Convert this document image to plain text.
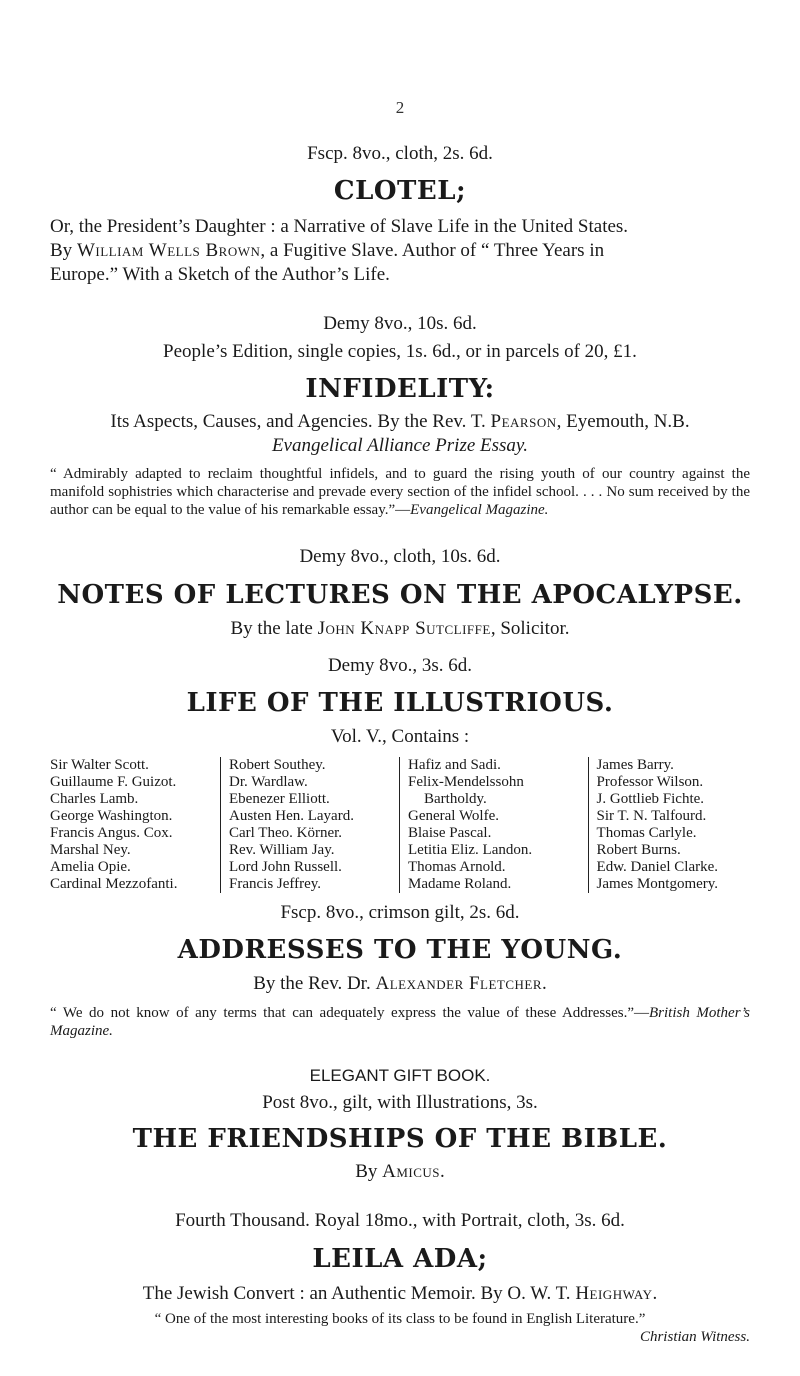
2
Fscp. 8vo., cloth, 2s. 6d.
CLOTEL;
Or, the President’s Daughter : a Narrative of Slave Life in the United States.
By William Wells Brown, a Fugitive Slave. Author of “ Three Years in
Europe.” With a Sketch of the Author’s Life.
Demy 8vo., 10s. 6d.
People’s Edition, single copies, 1s. 6d., or in parcels of 20, £1.
INFIDELITY:
Its Aspects, Causes, and Agencies. By the Rev. T. Pearson, Eyemouth, N.B.
Evangelical Alliance Prize Essay.
“ Admirably adapted to reclaim thoughtful infidels, and to guard the rising youth of our country against the manifold sophistries which characterise and prevade every section of the infidel school. . . . No sum received by the author can be equal to the value of his remarkable essay.”—Evangelical Magazine.
Demy 8vo., cloth, 10s. 6d.
NOTES OF LECTURES ON THE APOCALYPSE.
By the late John Knapp Sutcliffe, Solicitor.
Demy 8vo., 3s. 6d.
LIFE OF THE ILLUSTRIOUS.
Vol. V., Contains :
Sir Walter Scott.
Guillaume F. Guizot.
Charles Lamb.
George Washington.
Francis Angus. Cox.
Marshal Ney.
Amelia Opie.
Cardinal Mezzofanti.
Robert Southey.
Dr. Wardlaw.
Ebenezer Elliott.
Austen Hen. Layard.
Carl Theo. Körner.
Rev. William Jay.
Lord John Russell.
Francis Jeffrey.
Hafiz and Sadi.
Felix-Mendelssohn
Bartholdy.
General Wolfe.
Blaise Pascal.
Letitia Eliz. Landon.
Thomas Arnold.
Madame Roland.
James Barry.
Professor Wilson.
J. Gottlieb Fichte.
Sir T. N. Talfourd.
Thomas Carlyle.
Robert Burns.
Edw. Daniel Clarke.
James Montgomery.
Fscp. 8vo., crimson gilt, 2s. 6d.
ADDRESSES TO THE YOUNG.
By the Rev. Dr. Alexander Fletcher.
“ We do not know of any terms that can adequately express the value of these Addresses.”—British Mother’s Magazine.
ELEGANT GIFT BOOK.
Post 8vo., gilt, with Illustrations, 3s.
THE FRIENDSHIPS OF THE BIBLE.
By Amicus.
Fourth Thousand. Royal 18mo., with Portrait, cloth, 3s. 6d.
LEILA ADA;
The Jewish Convert : an Authentic Memoir. By O. W. T. Heighway.
“ One of the most interesting books of its class to be found in English Literature.”
Christian Witness.
